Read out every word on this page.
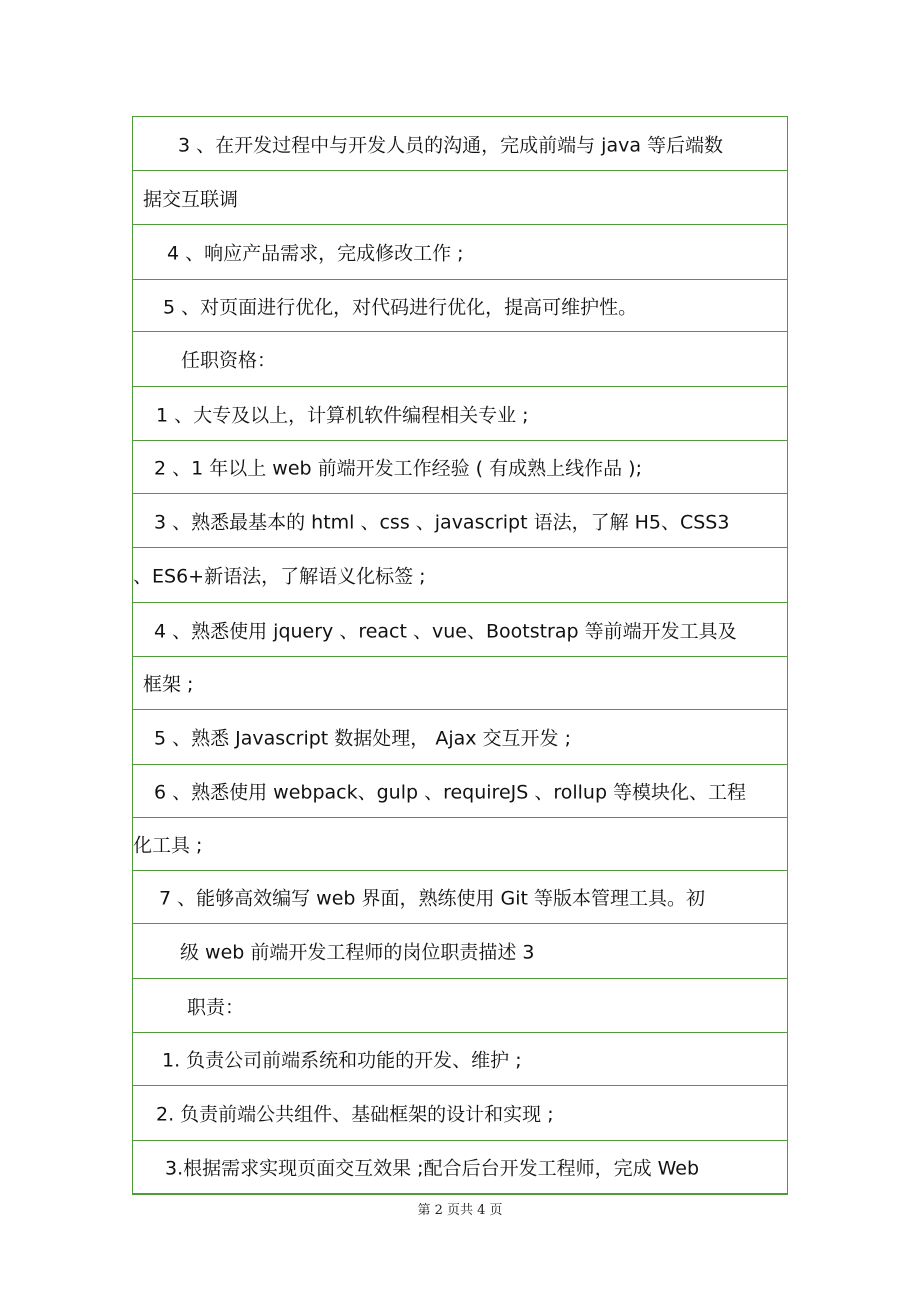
3 、在开发过程中与开发人员的沟通，完成前端与 java 等后端数
据交互联调
4 、响应产品需求，完成修改工作 ;
5 、对页面进行优化，对代码进行优化，提高可维护性。
任职资格：
1 、大专及以上，计算机软件编程相关专业 ;
2 、1 年以上 web 前端开发工作经验 ( 有成熟上线作品 );
3 、熟悉最基本的 html 、css 、javascript 语法，了解 H5、CSS3
、ES6+新语法，了解语义化标签 ;
4 、熟悉使用 jquery 、react 、vue、Bootstrap 等前端开发工具及
框架 ;
5 、熟悉 Javascript 数据处理， Ajax 交互开发 ;
6 、熟悉使用 webpack、gulp 、requireJS 、rollup 等模块化、工程
化工具 ;
7 、能够高效编写 web 界面，熟练使用 Git 等版本管理工具。初
级 web 前端开发工程师的岗位职责描述 3
职责：
1. 负责公司前端系统和功能的开发、维护 ;
2. 负责前端公共组件、基础框架的设计和实现 ;
3.根据需求实现页面交互效果 ;配合后台开发工程师，完成 Web
第 2 页共 4 页
